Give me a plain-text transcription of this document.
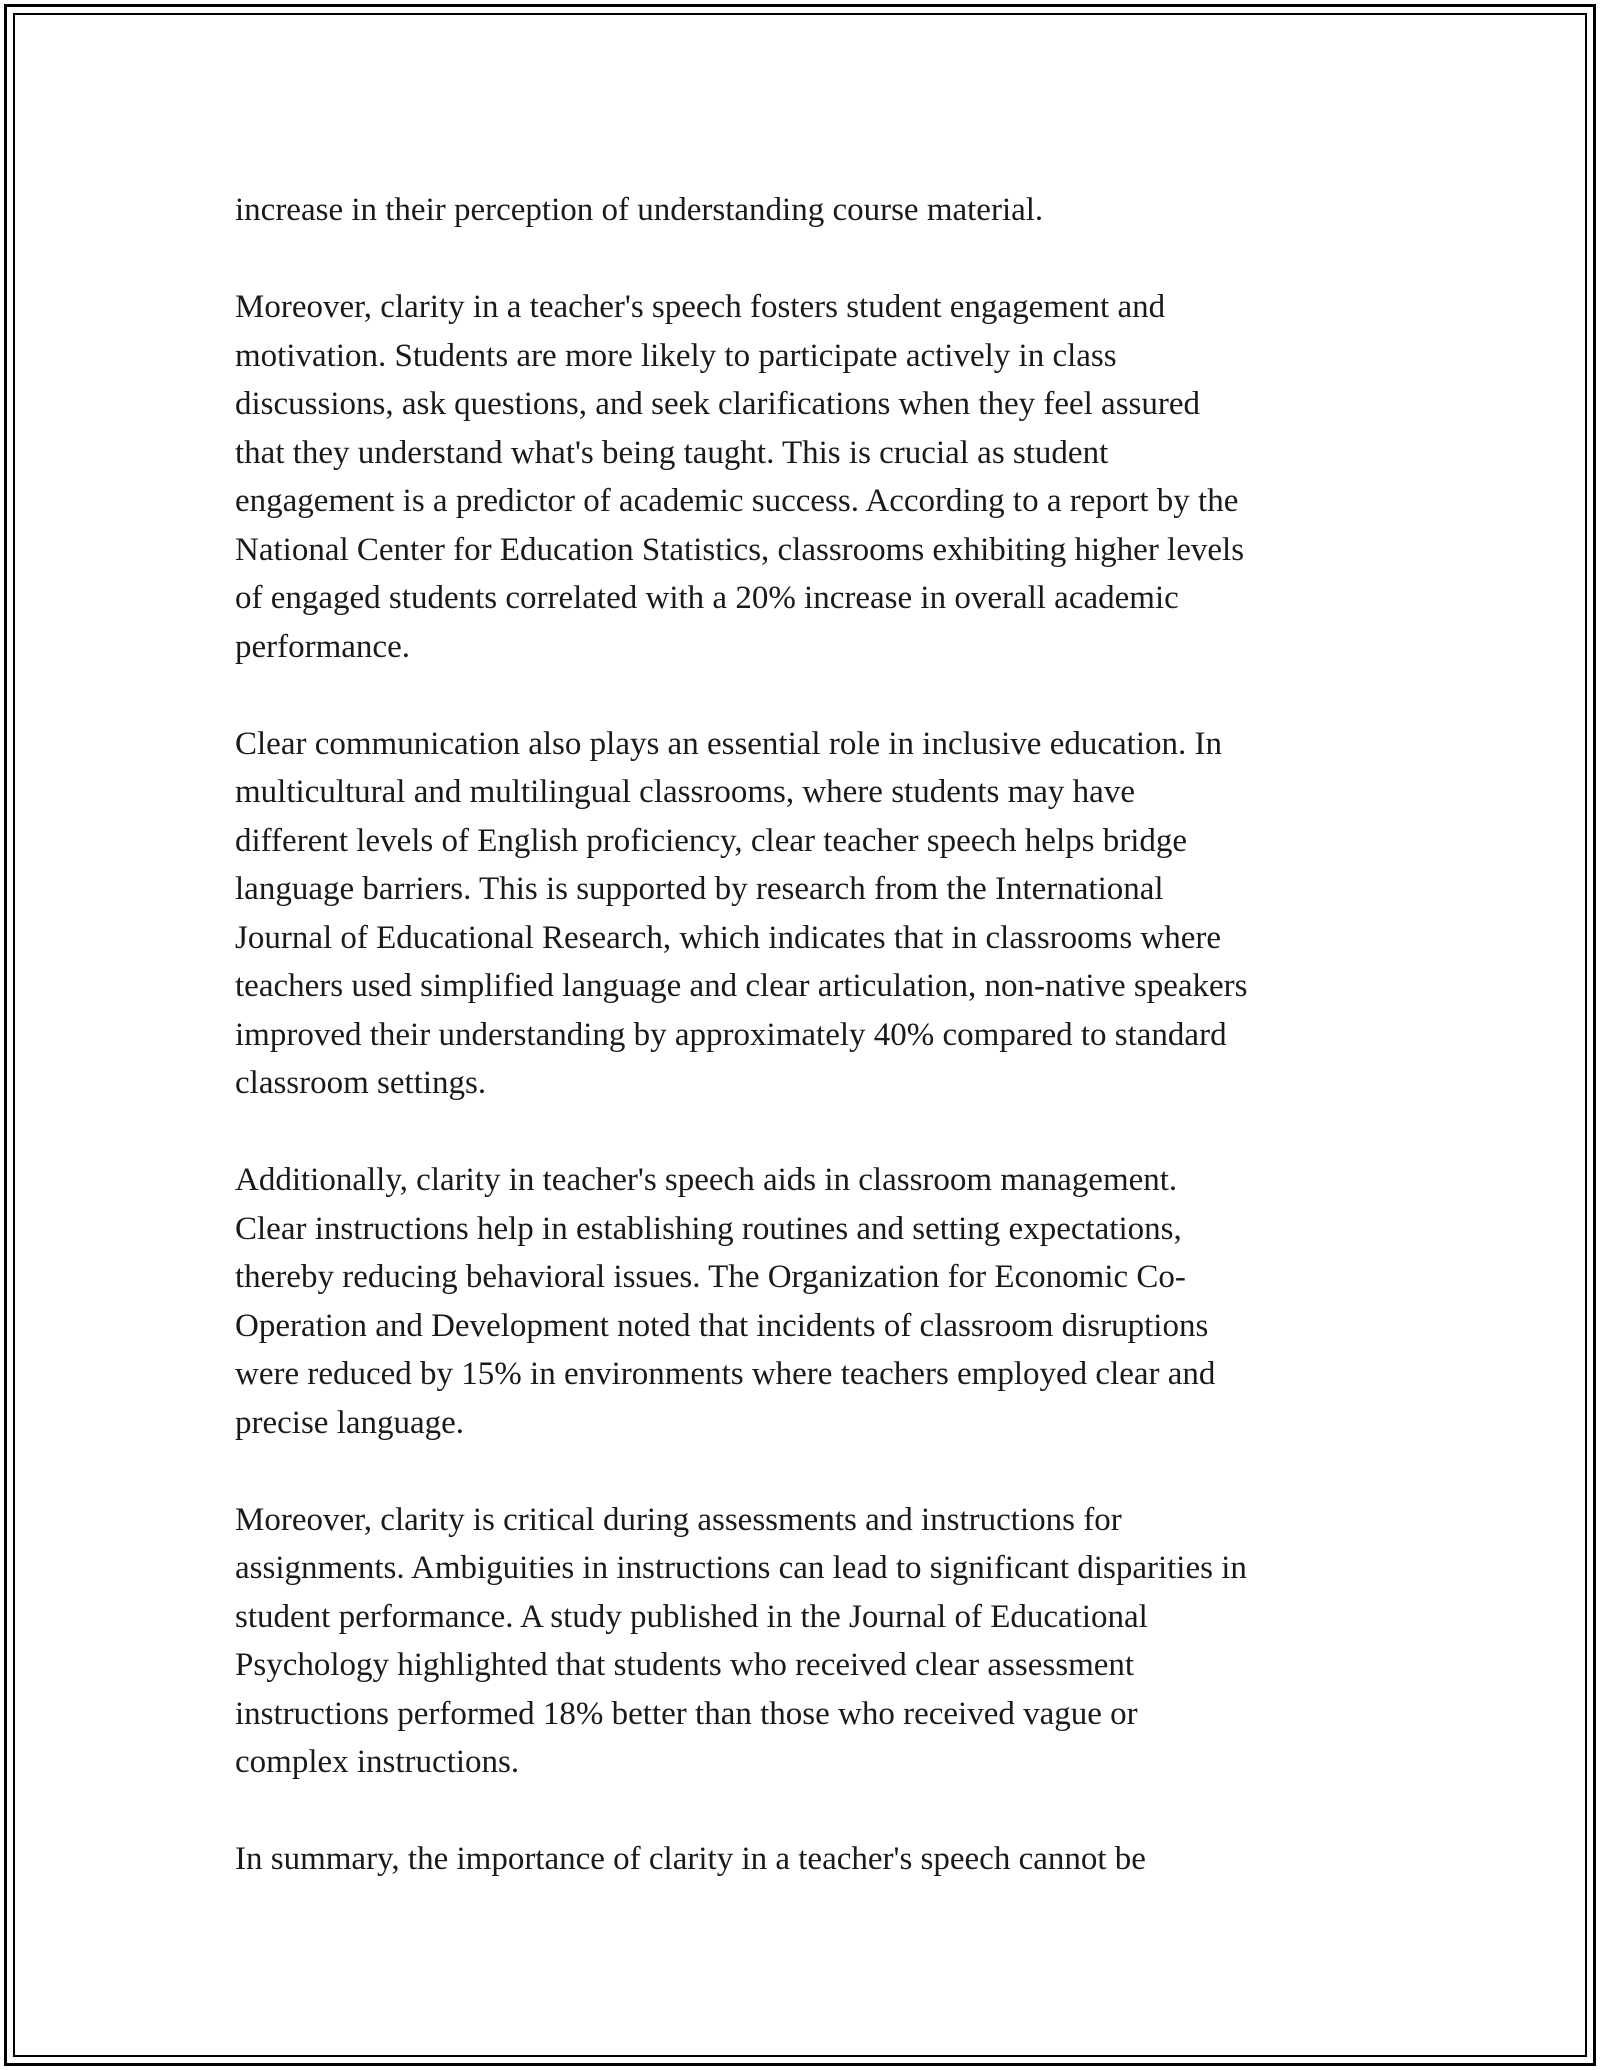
increase in their perception of understanding course material.

Moreover, clarity in a teacher's speech fosters student engagement and
motivation. Students are more likely to participate actively in class
discussions, ask questions, and seek clarifications when they feel assured
that they understand what's being taught. This is crucial as student
engagement is a predictor of academic success. According to a report by the
National Center for Education Statistics, classrooms exhibiting higher levels
of engaged students correlated with a 20% increase in overall academic
performance.

Clear communication also plays an essential role in inclusive education. In
multicultural and multilingual classrooms, where students may have
different levels of English proficiency, clear teacher speech helps bridge
language barriers. This is supported by research from the International
Journal of Educational Research, which indicates that in classrooms where
teachers used simplified language and clear articulation, non-native speakers
improved their understanding by approximately 40% compared to standard
classroom settings.

Additionally, clarity in teacher's speech aids in classroom management.
Clear instructions help in establishing routines and setting expectations,
thereby reducing behavioral issues. The Organization for Economic Co-
Operation and Development noted that incidents of classroom disruptions
were reduced by 15% in environments where teachers employed clear and
precise language.

Moreover, clarity is critical during assessments and instructions for
assignments. Ambiguities in instructions can lead to significant disparities in
student performance. A study published in the Journal of Educational
Psychology highlighted that students who received clear assessment
instructions performed 18% better than those who received vague or
complex instructions.

In summary, the importance of clarity in a teacher's speech cannot be
